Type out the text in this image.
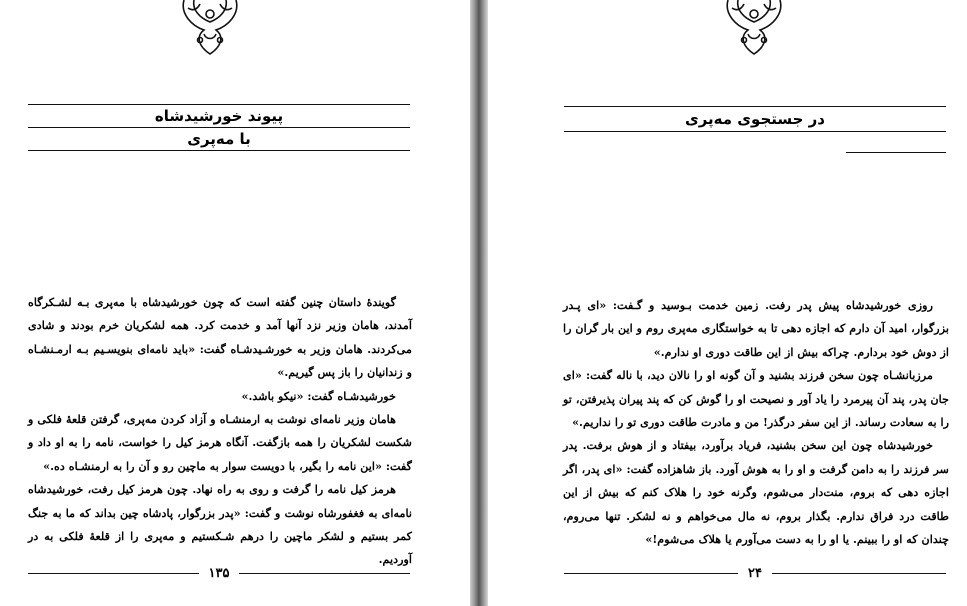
پیوند خورشیدشاه
با مه‌پری

گویندهٔ داستان چنین گفته است که چون خورشیدشاه با مه‌پری بـه لشـکرگاه آمدند، هامان وزیر نزد آنها آمد و خدمت کرد. همه لشکریان خرم بودند و شادی می‌کردند. هامان وزیر به خورشـیدشـاه گفت: «باید نامه‌ای بنویسـیم بـه ارمـنشـاه و زندانیان را باز پس گیریم.»

خورشیدشـاه گفت: «نیکو باشد.»

هامان وزیر نامه‌ای نوشت به ارمنشـاه و آزاد کردن مه‌پری، گرفتن قلعهٔ فلکی و شکست لشکریان را همه بازگفت. آنگاه هرمز کیل را خواست، نامه را به او داد و گفت: «این نامه را بگیر، با دویست سوار به ماچین رو و آن را به ارمنشـاه ده.»

هرمز کیل نامه را گرفت و روی به راه نهاد. چون هرمز کیل رفت، خورشیدشاه نامه‌ای به فغفورشاه نوشت و گفت: «پدر بزرگوار، پادشاه چین بداند که ما به جنگ کمر بستیم و لشکر ماچین را درهم شـکستیم و مه‌پری را از قلعهٔ فلکی به در آوردیم.

۱۳۵
در جستجوی مه‌پری

روزی خورشیدشاه پیش پدر رفت. زمین خدمت بـوسید و گـفت: «ای پـدر بزرگوار، امید آن دارم که اجازه دهی تا به خواستگاری مه‌پری روم و این بار گران را از دوش خود بردارم. چراکه بیش از این طاقت دوری او ندارم.»

مرزبانشـاه چون سخن فرزند بشنید و آن گونه او را نالان دید، با ناله گفت: «ای جان پدر، پند آن پیرمرد را یاد آور و نصیحت او را گوش کن که پند پیران پذیرفتن، تو را به سعادت رساند. از این سفر درگذر! من و مادرت طاقت دوری تو را نداریم.»

خورشیدشاه چون این سخن بشنید، فریاد برآورد، بیفتاد و از هوش برفت. پدر سر فرزند را به دامن گرفت و او را به هوش آورد. باز شاهزاده گفت: «ای پدر، اگر اجازه دهی که بروم، منت‌دار می‌شوم، وگرنه خود را هلاک کنم که بیش از این طاقت درد فراق ندارم. بگذار بروم، نه مال می‌خواهم و نه لشکر. تنها می‌روم، چندان که او را ببینم. یا او را به دست می‌آورم یا هلاک می‌شوم!»

۲۴
